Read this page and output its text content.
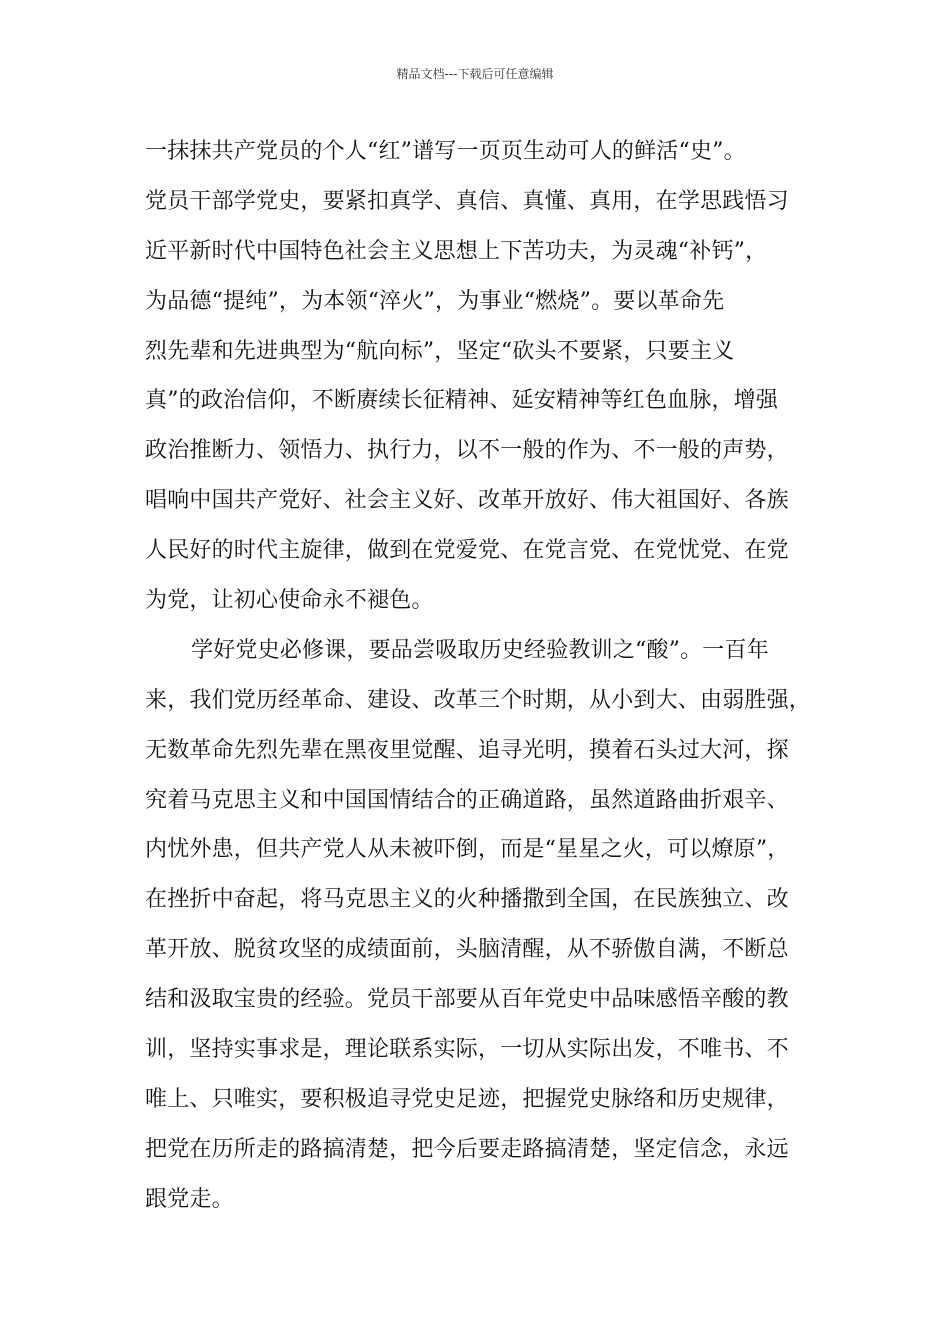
精品文档---下载后可任意编辑
一抹抹共产党员的个人“红”谱写一页页生动可人的鲜活“史”。
党员干部学党史，要紧扣真学、真信、真懂、真用，在学思践悟习
近平新时代中国特色社会主义思想上下苦功夫，为灵魂“补钙”，
为品德“提纯”，为本领“淬火”，为事业“燃烧”。要以革命先
烈先辈和先进典型为“航向标”，坚定“砍头不要紧，只要主义
真”的政治信仰，不断赓续长征精神、延安精神等红色血脉，增强
政治推断力、领悟力、执行力，以不一般的作为、不一般的声势，
唱响中国共产党好、社会主义好、改革开放好、伟大祖国好、各族
人民好的时代主旋律，做到在党爱党、在党言党、在党忧党、在党
为党，让初心使命永不褪色。
学好党史必修课，要品尝吸取历史经验教训之“酸”。一百年
来，我们党历经革命、建设、改革三个时期，从小到大、由弱胜强，
无数革命先烈先辈在黑夜里觉醒、追寻光明，摸着石头过大河，探
究着马克思主义和中国国情结合的正确道路，虽然道路曲折艰辛、
内忧外患，但共产党人从未被吓倒，而是“星星之火，可以燎原”，
在挫折中奋起，将马克思主义的火种播撒到全国，在民族独立、改
革开放、脱贫攻坚的成绩面前，头脑清醒，从不骄傲自满，不断总
结和汲取宝贵的经验。党员干部要从百年党史中品味感悟辛酸的教
训，坚持实事求是，理论联系实际，一切从实际出发，不唯书、不
唯上、只唯实，要积极追寻党史足迹，把握党史脉络和历史规律，
把党在历所走的路搞清楚，把今后要走路搞清楚，坚定信念，永远
跟党走。
